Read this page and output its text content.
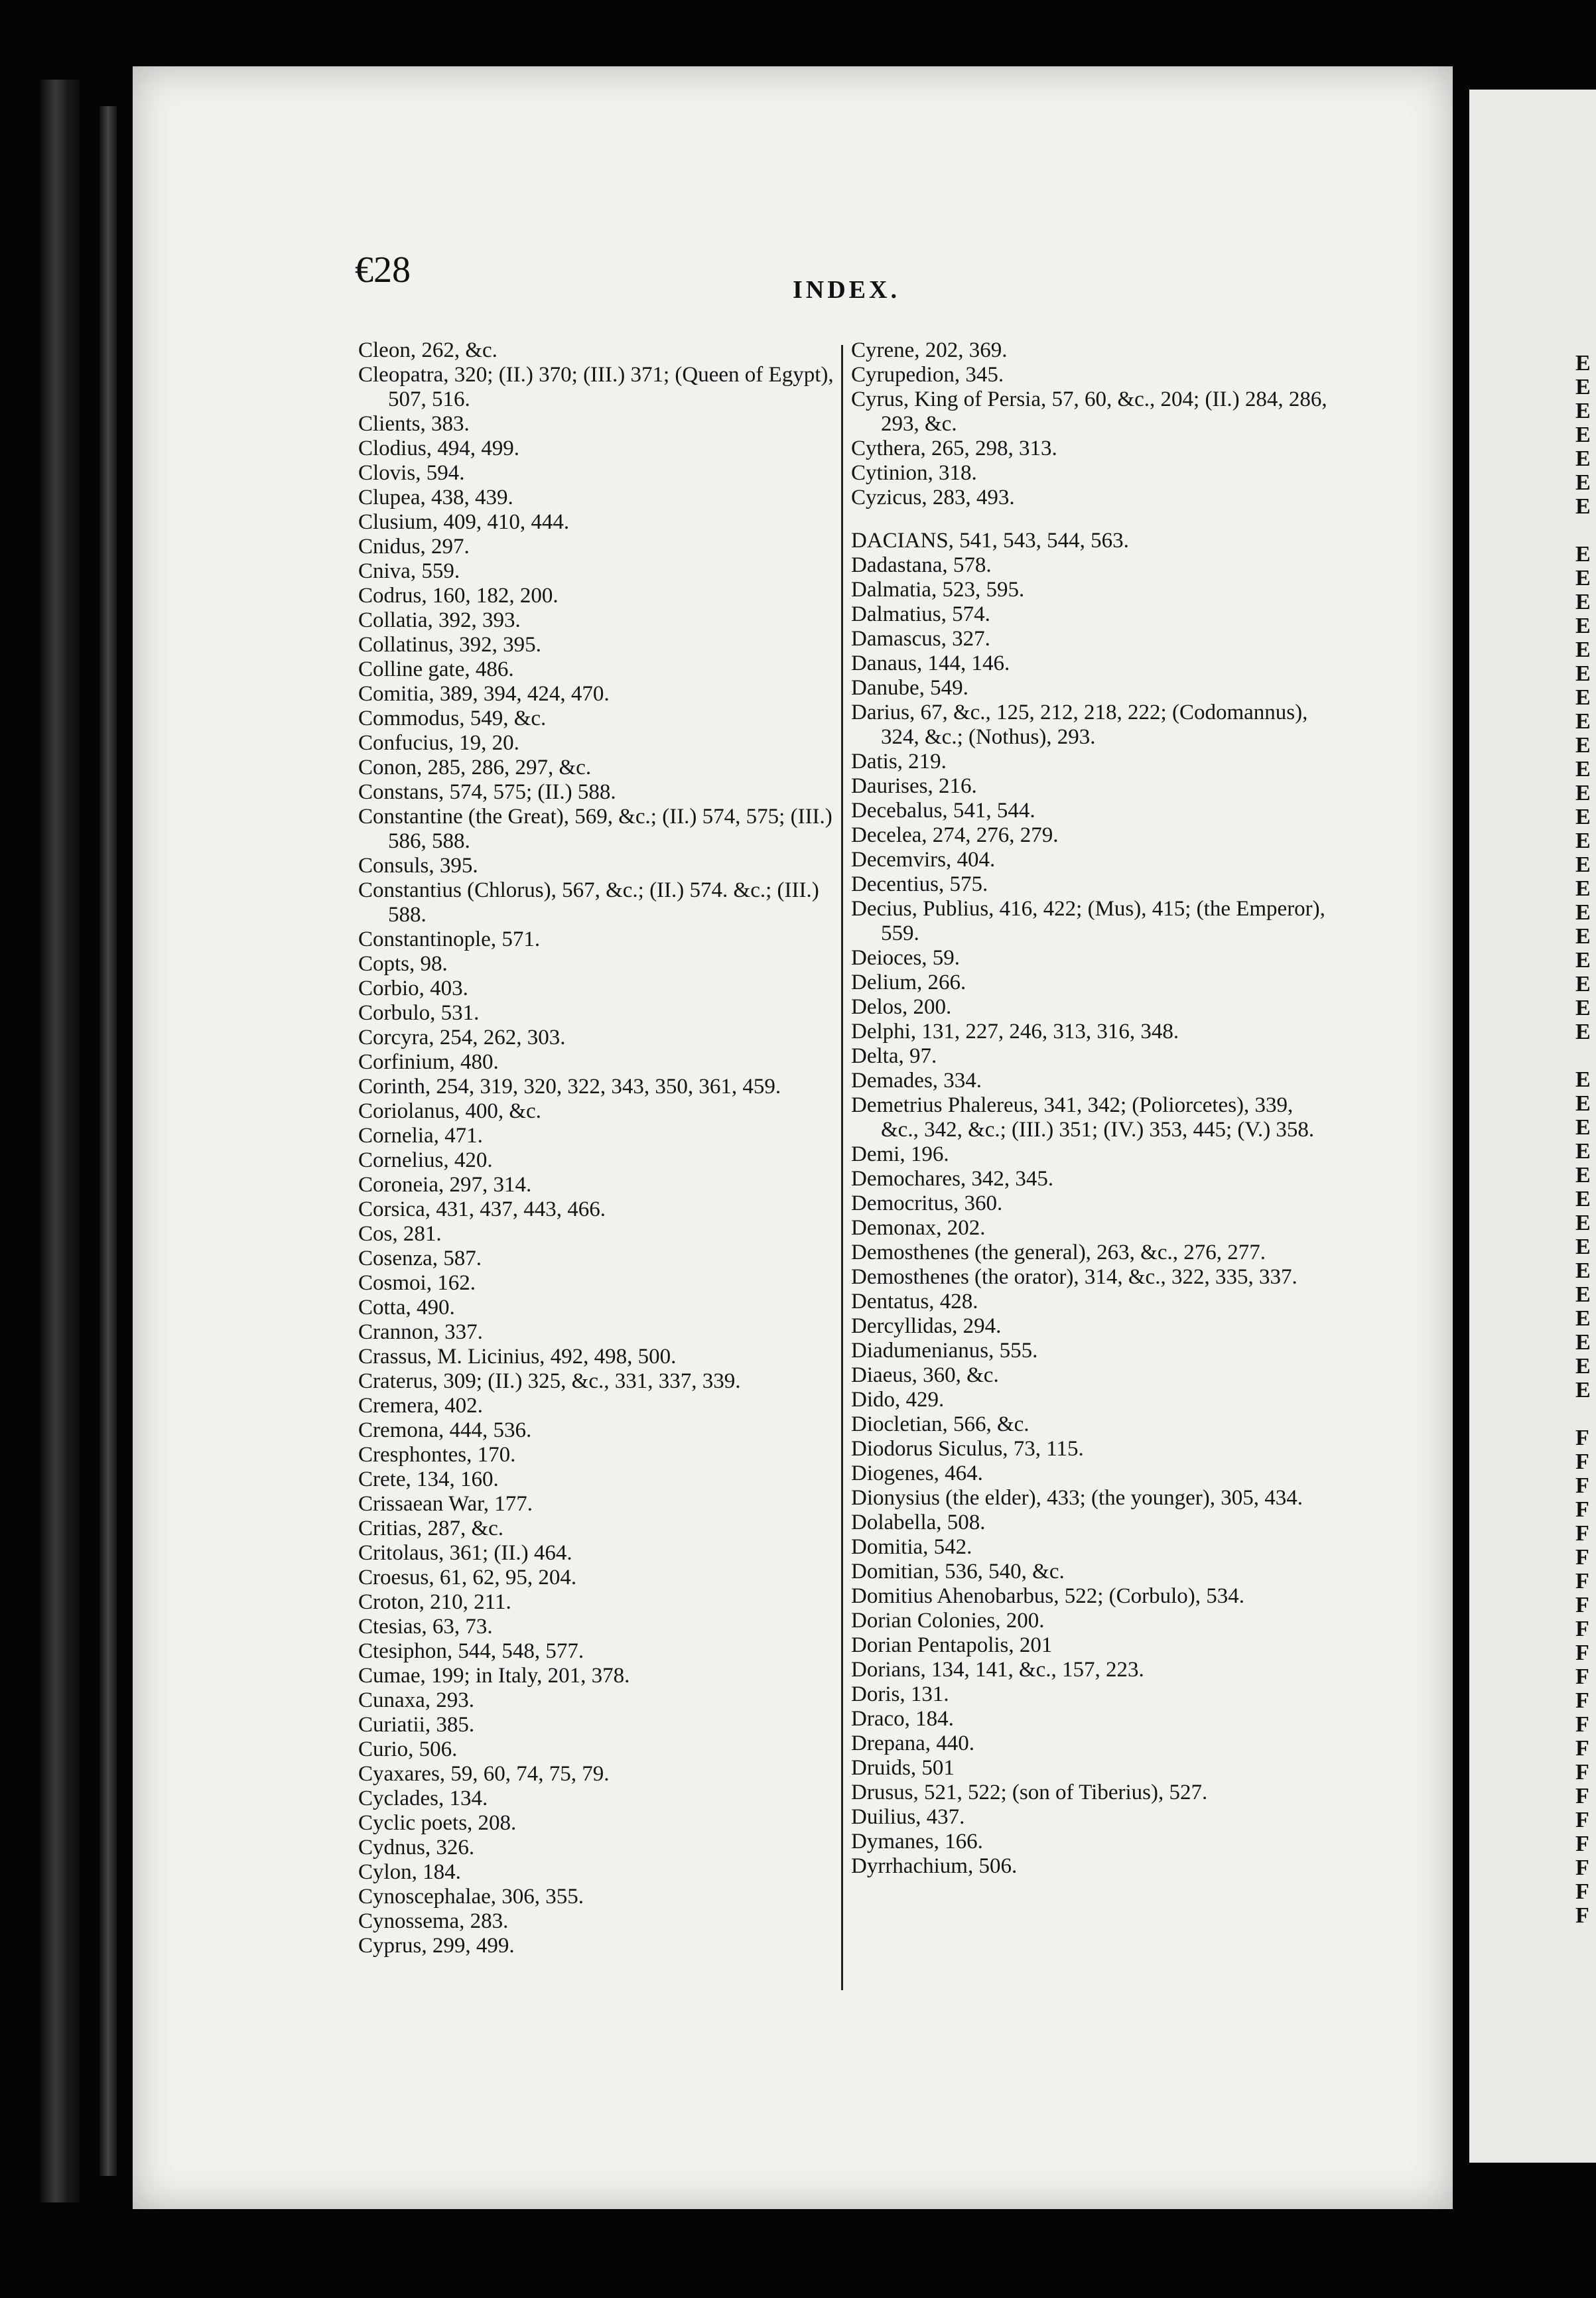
E
E
E
E
E
E
E

E
E
E
E
E
E
E
E
E
E
E
E
E
E
E
E
E
E
E
E
E

E
E
E
E
E
E
E
E
E
E
E
E
E
E

F
F
F
F
F
F
F
F
F
F
F
F
F
F
F
F
F
F
F
F
F
€28	INDEX.

Cleon, 262, &c.

Cleopatra, 320; (II.) 370; (III.) 371; (Queen of Egypt), 507, 516.

Clients, 383.

Clodius, 494, 499.

Clovis, 594.

Clupea, 438, 439.

Clusium, 409, 410, 444.

Cnidus, 297.

Cniva, 559.

Codrus, 160, 182, 200.

Collatia, 392, 393.

Collatinus, 392, 395.

Colline gate, 486.

Comitia, 389, 394, 424, 470.

Commodus, 549, &c.

Confucius, 19, 20.

Conon, 285, 286, 297, &c.

Constans, 574, 575; (II.) 588.

Constantine (the Great), 569, &c.; (II.) 574, 575; (III.) 586, 588.

Consuls, 395.

Constantius (Chlorus), 567, &c.; (II.) 574. &c.; (III.) 588.

Constantinople, 571.

Copts, 98.

Corbio, 403.

Corbulo, 531.

Corcyra, 254, 262, 303.

Corfinium, 480.

Corinth, 254, 319, 320, 322, 343, 350, 361, 459.

Coriolanus, 400, &c.

Cornelia, 471.

Cornelius, 420.

Coroneia, 297, 314.

Corsica, 431, 437, 443, 466.

Cos, 281.

Cosenza, 587.

Cosmoi, 162.

Cotta, 490.

Crannon, 337.

Crassus, M. Licinius, 492, 498, 500.

Craterus, 309; (II.) 325, &c., 331, 337, 339.

Cremera, 402.

Cremona, 444, 536.

Cresphontes, 170.

Crete, 134, 160.

Crissaean War, 177.

Critias, 287, &c.

Critolaus, 361; (II.) 464.

Croesus, 61, 62, 95, 204.

Croton, 210, 211.

Ctesias, 63, 73.

Ctesiphon, 544, 548, 577.

Cumae, 199; in Italy, 201, 378.

Cunaxa, 293.

Curiatii, 385.

Curio, 506.

Cyaxares, 59, 60, 74, 75, 79.

Cyclades, 134.

Cyclic poets, 208.

Cydnus, 326.

Cylon, 184.

Cynoscephalae, 306, 355.

Cynossema, 283.

Cyprus, 299, 499.

Cyrene, 202, 369.

Cyrupedion, 345.

Cyrus, King of Persia, 57, 60, &c., 204; (II.) 284, 286, 293, &c.

Cythera, 265, 298, 313.

Cytinion, 318.

Cyzicus, 283, 493.

DACIANS, 541, 543, 544, 563.

Dadastana, 578.

Dalmatia, 523, 595.

Dalmatius, 574.

Damascus, 327.

Danaus, 144, 146.

Danube, 549.

Darius, 67, &c., 125, 212, 218, 222; (Codomannus), 324, &c.; (Nothus), 293.

Datis, 219.

Daurises, 216.

Decebalus, 541, 544.

Decelea, 274, 276, 279.

Decemvirs, 404.

Decentius, 575.

Decius, Publius, 416, 422; (Mus), 415; (the Emperor), 559.

Deioces, 59.

Delium, 266.

Delos, 200.

Delphi, 131, 227, 246, 313, 316, 348.

Delta, 97.

Demades, 334.

Demetrius Phalereus, 341, 342; (Poliorcetes), 339, &c., 342, &c.; (III.) 351; (IV.) 353, 445; (V.) 358.

Demi, 196.

Demochares, 342, 345.

Democritus, 360.

Demonax, 202.

Demosthenes (the general), 263, &c., 276, 277.

Demosthenes (the orator), 314, &c., 322, 335, 337.

Dentatus, 428.

Dercyllidas, 294.

Diadumenianus, 555.

Diaeus, 360, &c.

Dido, 429.

Diocletian, 566, &c.

Diodorus Siculus, 73, 115.

Diogenes, 464.

Dionysius (the elder), 433; (the younger), 305, 434.

Dolabella, 508.

Domitia, 542.

Domitian, 536, 540, &c.

Domitius Ahenobarbus, 522; (Corbulo), 534.

Dorian Colonies, 200.

Dorian Pentapolis, 201

Dorians, 134, 141, &c., 157, 223.

Doris, 131.

Draco, 184.

Drepana, 440.

Druids, 501

Drusus, 521, 522; (son of Tiberius), 527.

Duilius, 437.

Dymanes, 166.

Dyrrhachium, 506.
